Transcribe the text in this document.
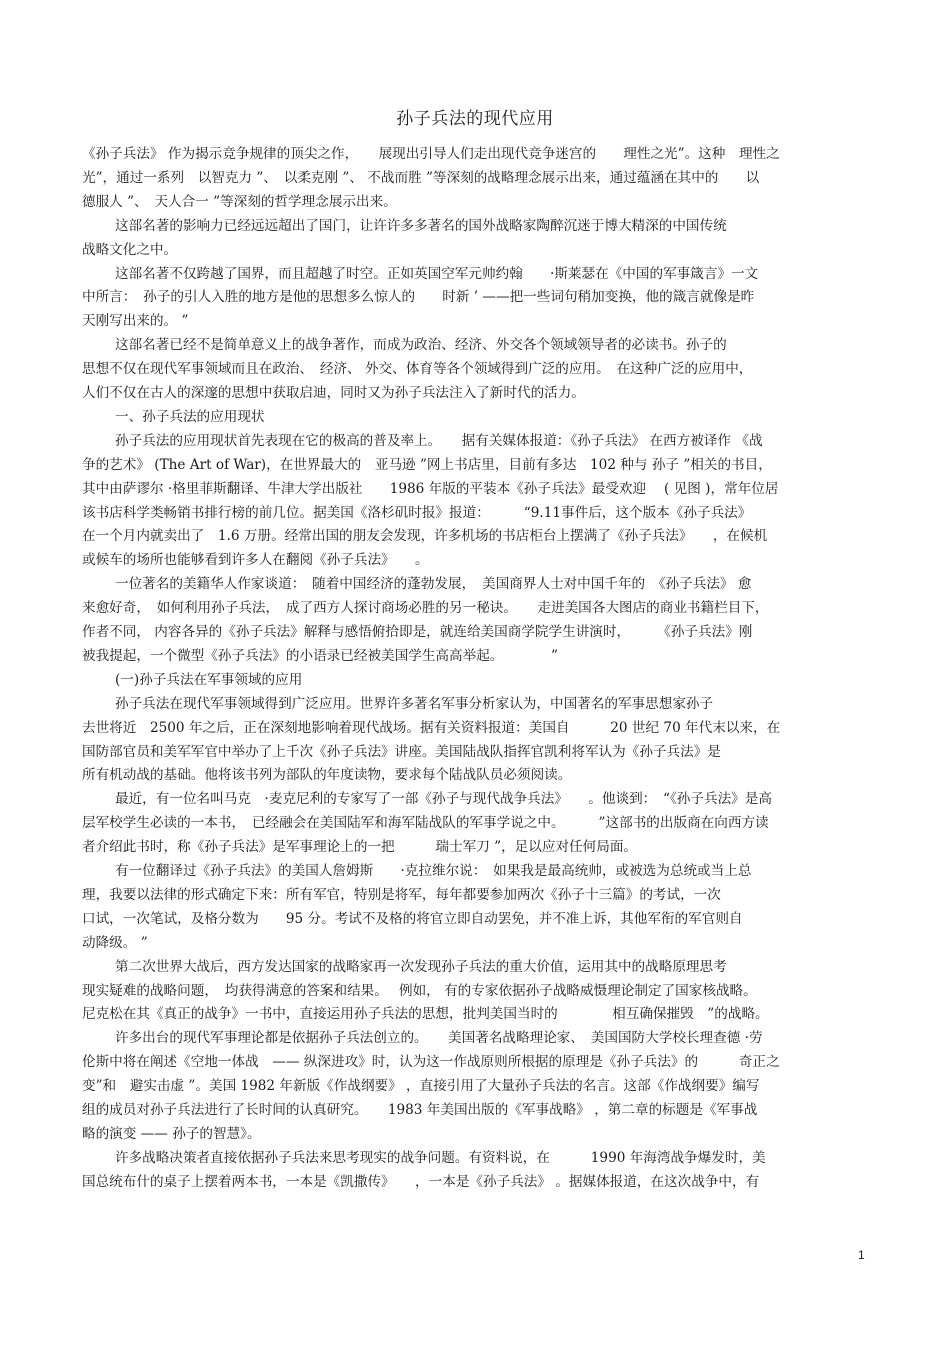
孙子兵法的现代应用
《孙子兵法》 作为揭示竞争规律的顶尖之作，　　展现出引导人们走出现代竞争迷宫的　　理性之光”。这种　理性之
光”，通过一系列　以智克力 ”、　以柔克刚 ”、 不战而胜 ”等深刻的战略理念展示出来，通过蕴涵在其中的　　以
德服人 ”、　天人合一 ”等深刻的哲学理念展示出来。
这部名著的影响力已经远远超出了国门，让许许多多著名的国外战略家陶醉沉迷于博大精深的中国传统
战略文化之中。
这部名著不仅跨越了国界，而且超越了时空。正如英国空军元帅约翰　　·斯莱瑟在《中国的军事箴言》一文
中所言：　孙子的引人入胜的地方是他的思想多么惊人的　　时新 ’ ——把一些词句稍加变换，他的箴言就像是昨
天刚写出来的。 ”
这部名著已经不是简单意义上的战争著作，而成为政治、经济、外交各个领域领导者的必读书。孙子的
思想不仅在现代军事领域而且在政治、　经济、 外交、体育等各个领域得到广泛的应用。　在这种广泛的应用中，
人们不仅在古人的深邃的思想中获取启迪，同时又为孙子兵法注入了新时代的活力。
一、孙子兵法的应用现状
孙子兵法的应用现状首先表现在它的极高的普及率上。　　据有关媒体报道：《孙子兵法》 在西方被译作 《战
争的艺术》 (The Art of War)，在世界最大的　亚马逊 ”网上书店里，目前有多达　102 种与 孙子 ”相关的书目，
其中由萨谬尔 ·格里菲斯翻译、牛津大学出版社　　1986 年版的平装本《孙子兵法》最受欢迎　 ( 见图 )，常年位居
该书店科学类畅销书排行榜的前几位。据美国《洛杉矶时报》报道：　　　“9.11事件后，这个版本《孙子兵法》
在一个月内就卖出了　1.6 万册。经常出国的朋友会发现，许多机场的书店柜台上摆满了《孙子兵法》　　，在候机
或候车的场所也能够看到许多人在翻阅《孙子兵法》　　。
一位著名的美籍华人作家谈道：　随着中国经济的蓬勃发展，　美国商界人士对中国千年的　《孙子兵法》 愈
来愈好奇，　如何利用孙子兵法，　成了西方人探讨商场必胜的另一秘诀。　　走进美国各大图店的商业书籍栏目下，
作者不同， 内容各异的《孙子兵法》解释与感悟俯拾即是，就连给美国商学院学生讲演时，　　　《孙子兵法》刚
被我提起，一个微型《孙子兵法》的小语录已经被美国学生高高举起。　　　　”
(一)孙子兵法在军事领域的应用
孙子兵法在现代军事领域得到广泛应用。世界许多著名军事分析家认为，中国著名的军事思想家孙子
去世将近　2500 年之后，正在深刻地影响着现代战场。据有关资料报道：美国自　　　20 世纪 70 年代末以来，在
国防部官员和美军军官中举办了上千次《孙子兵法》讲座。美国陆战队指挥官凯利将军认为《孙子兵法》是
所有机动战的基础。他将该书列为部队的年度读物，要求每个陆战队员必须阅读。
最近，有一位名叫马克　·麦克尼利的专家写了一部《孙子与现代战争兵法》　　。他谈到：　“《孙子兵法》是高
层军校学生必读的一本书，　已经融会在美国陆军和海军陆战队的军事学说之中。　　　”这部书的出版商在向西方读
者介绍此书时，称《孙子兵法》是军事理论上的一把　　　瑞士军刀 ”，足以应对任何局面。
有一位翻译过《孙子兵法》的美国人詹姆斯　　·克拉维尔说：　如果我是最高统帅，或被选为总统或当上总
理，我要以法律的形式确定下来：所有军官，特别是将军，每年都要参加两次《孙子十三篇》的考试，一次
口试，一次笔试，及格分数为　　95 分。考试不及格的将官立即自动罢免，并不准上诉，其他军衔的军官则自
动降级。 ”
第二次世界大战后，西方发达国家的战略家再一次发现孙子兵法的重大价值，运用其中的战略原理思考
现实疑难的战略问题，　均获得满意的答案和结果。　 例如， 有的专家依据孙子战略威慑理论制定了国家核战略。
尼克松在其《真正的战争》一书中，直接运用孙子兵法的思想，批判美国当时的　　　　相互确保摧毁　”的战略。
许多出台的现代军事理论都是依据孙子兵法创立的。　　美国著名战略理论家、　美国国防大学校长理查德 ·劳
伦斯中将在阐述《空地一体战　—— 纵深进攻》时，认为这一作战原则所根据的原理是《孙子兵法》的　　　奇正之
变”和　避实击虚 ”。美国 1982 年新版《作战纲要》 ，直接引用了大量孙子兵法的名言。这部《作战纲要》编写
组的成员对孙子兵法进行了长时间的认真研究。　　1983 年美国出版的《军事战略》 ，第二章的标题是《军事战
略的演变 —— 孙子的智慧》。
许多战略决策者直接依据孙子兵法来思考现实的战争问题。有资料说，在　　　1990 年海湾战争爆发时，美
国总统布什的桌子上摆着两本书，一本是《凯撒传》　　，一本是《孙子兵法》 。据媒体报道，在这次战争中，有
1
